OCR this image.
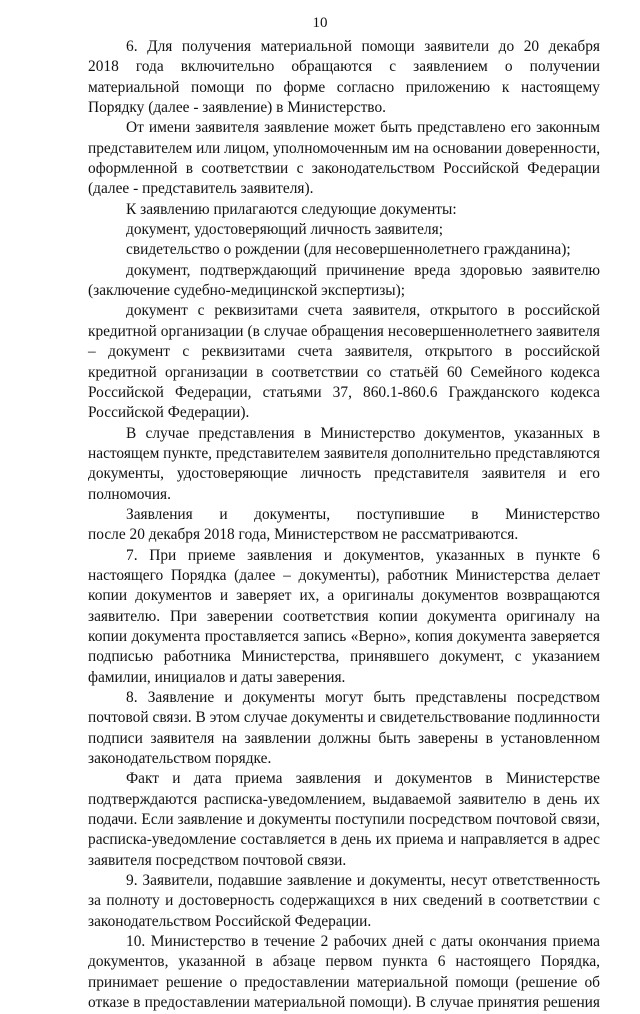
10
6. Для получения материальной помощи заявители до 20 декабря
2018 года включительно обращаются с заявлением о получении
материальной помощи по форме согласно приложению к настоящему
Порядку (далее - заявление) в Министерство.
От имени заявителя заявление может быть представлено его законным
представителем или лицом, уполномоченным им на основании доверенности,
оформленной в соответствии с законодательством Российской Федерации
(далее - представитель заявителя).
К заявлению прилагаются следующие документы:
документ, удостоверяющий личность заявителя;
свидетельство о рождении (для несовершеннолетнего гражданина);
документ, подтверждающий причинение вреда здоровью заявителю
(заключение судебно-медицинской экспертизы);
документ с реквизитами счета заявителя, открытого в российской
кредитной организации (в случае обращения несовершеннолетнего заявителя
– документ с реквизитами счета заявителя, открытого в российской
кредитной организации в соответствии со статьёй 60 Семейного кодекса
Российской Федерации, статьями 37, 860.1-860.6 Гражданского кодекса
Российской Федерации).
В случае представления в Министерство документов, указанных в
настоящем пункте, представителем заявителя дополнительно представляются
документы, удостоверяющие личность представителя заявителя и его
полномочия.
Заявления и документы, поступившие в Министерство
после 20 декабря 2018 года, Министерством не рассматриваются.
7. При приеме заявления и документов, указанных в пункте 6
настоящего Порядка (далее – документы), работник Министерства делает
копии документов и заверяет их, а оригиналы документов возвращаются
заявителю. При заверении соответствия копии документа оригиналу на
копии документа проставляется запись «Верно», копия документа заверяется
подписью работника Министерства, принявшего документ, с указанием
фамилии, инициалов и даты заверения.
8. Заявление и документы могут быть представлены посредством
почтовой связи. В этом случае документы и свидетельствование подлинности
подписи заявителя на заявлении должны быть заверены в установленном
законодательством порядке.
Факт и дата приема заявления и документов в Министерстве
подтверждаются расписка-уведомлением, выдаваемой заявителю в день их
подачи. Если заявление и документы поступили посредством почтовой связи,
расписка-уведомление составляется в день их приема и направляется в адрес
заявителя посредством почтовой связи.
9. Заявители, подавшие заявление и документы, несут ответственность
за полноту и достоверность содержащихся в них сведений в соответствии с
законодательством Российской Федерации.
10. Министерство в течение 2 рабочих дней с даты окончания приема
документов, указанной в абзаце первом пункта 6 настоящего Порядка,
принимает решение о предоставлении материальной помощи (решение об
отказе в предоставлении материальной помощи). В случае принятия решения
